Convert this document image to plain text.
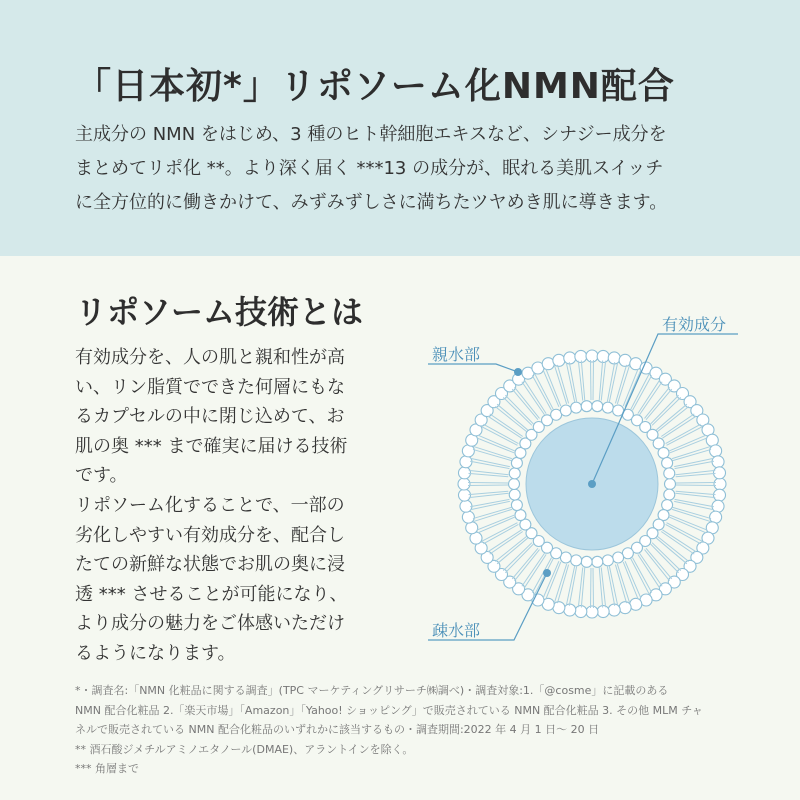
「日本初*」リポソーム化NMN配合
主成分の NMN をはじめ、3 種のヒト幹細胞エキスなど、シナジー成分を
まとめてリポ化 **。より深く届く ***13 の成分が、眠れる美肌スイッチ
に全方位的に働きかけて、みずみずしさに満ちたツヤめき肌に導きます。
リポソーム技術とは
有効成分を、人の肌と親和性が高
い、リン脂質でできた何層にもな
るカプセルの中に閉じ込めて、お
肌の奥 *** まで確実に届ける技術
です。
リポソーム化することで、一部の
劣化しやすい有効成分を、配合し
たての新鮮な状態でお肌の奥に浸
透 *** させることが可能になり、
より成分の魅力をご体感いただけ
るようになります。
有効成分
親水部
疎水部
*・調査名:「NMN 化粧品に関する調査」(TPC マーケティングリサーチ㈱調べ)・調査対象:1.「@cosme」に記載のある
NMN 配合化粧品 2.「楽天市場」「Amazon」「Yahoo! ショッピング」で販売されている NMN 配合化粧品 3. その他 MLM チャ
ネルで販売されている NMN 配合化粧品のいずれかに該当するもの・調査期間:2022 年 4 月 1 日〜 20 日
** 酒石酸ジメチルアミノエタノール(DMAE)、アラントインを除く。
*** 角層まで
